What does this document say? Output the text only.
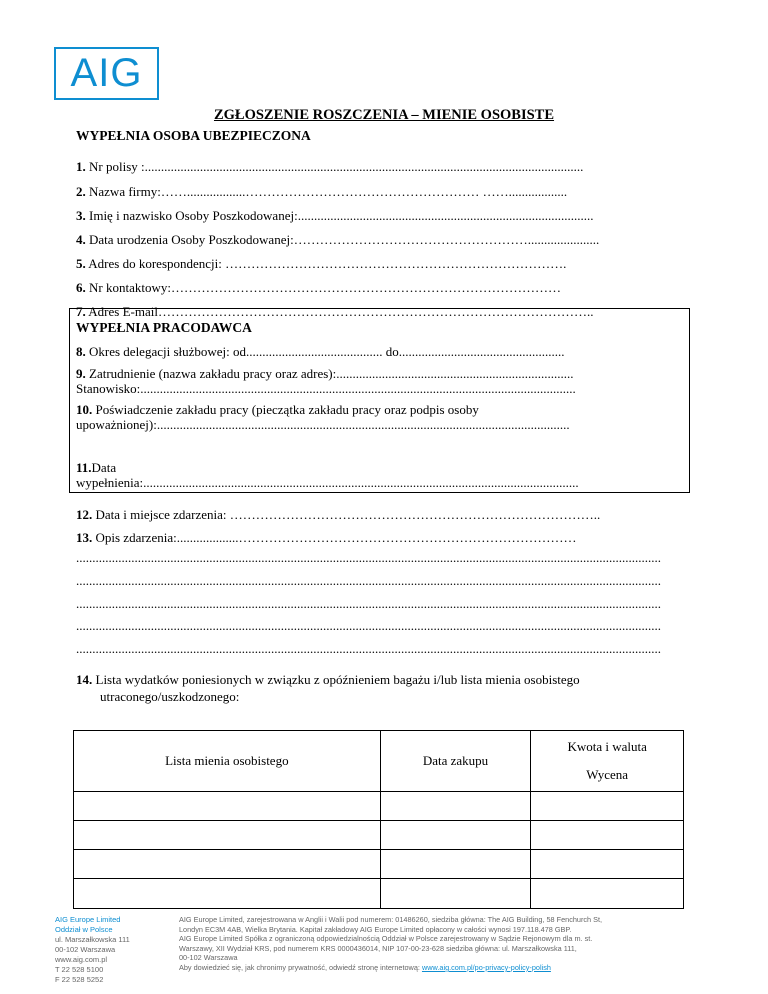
AIG
ZGŁOSZENIE ROSZCZENIA – MIENIE OSOBISTE
WYPEŁNIA OSOBA UBEZPIECZONA
1. Nr polisy :.......................................................................................................................................
2. Nazwa firmy:……..................……………………………………………… ……..................
3. Imię i nazwisko Osoby Poszkodowanej:...........................................................................................
4. Data urodzenia Osoby Poszkodowanej:………………………………………………......................
5. Adres do korespondencji: …………………………………………………………………….
6. Nr kontaktowy:………………………………………………………………………………
7. Adres E-mail………………………………………………………………………………………..
WYPEŁNIA PRACODAWCA
8. Okres delegacji służbowej: od.......................................... do...................................................
9. Zatrudnienie (nazwa zakładu pracy oraz adres):.........................................................................
Stanowisko:......................................................................................................................................
10. Poświadczenie zakładu pracy (pieczątka zakładu pracy oraz podpis osoby
upoważnionej):...............................................................................................................................
11.Data
wypełnienia:......................................................................................................................................
12. Data i miejsce zdarzenia: …………………………………………………………………………..
13. Opis zdarzenia:...................……………………………………………………………………
....................................................................................................................................................................................
....................................................................................................................................................................................
....................................................................................................................................................................................
....................................................................................................................................................................................
....................................................................................................................................................................................
14. Lista wydatków poniesionych w związku z opóźnieniem bagażu i/lub lista mienia osobistego
utraconego/uszkodzonego:
Lista mienia osobistego	Data zakupu	Kwota i waluta
Wycena

AIG Europe Limited
Oddział w Polsce
ul. Marszałkowska 111
00-102 Warszawa
www.aig.com.pl
T 22 528 5100
F 22 528 5252
AIG Europe Limited, zarejestrowana w Anglii i Walii pod numerem: 01486260, siedziba główna: The AIG Building, 58 Fenchurch St,
Londyn EC3M 4AB, Wielka Brytania. Kapitał zakładowy AIG Europe Limited opłacony w całości wynosi 197.118.478 GBP.
AIG Europe Limited Spółka z ograniczoną odpowiedzialnością Oddział w Polsce zarejestrowany w Sądzie Rejonowym dla m. st.
Warszawy, XII Wydział KRS, pod numerem KRS 0000436014, NIP 107-00-23-628 siedziba główna: ul. Marszałkowska 111,
00-102 Warszawa
Aby dowiedzieć się, jak chronimy prywatność, odwiedź stronę internetową: www.aig.com.pl/po-privacy-policy-polish
